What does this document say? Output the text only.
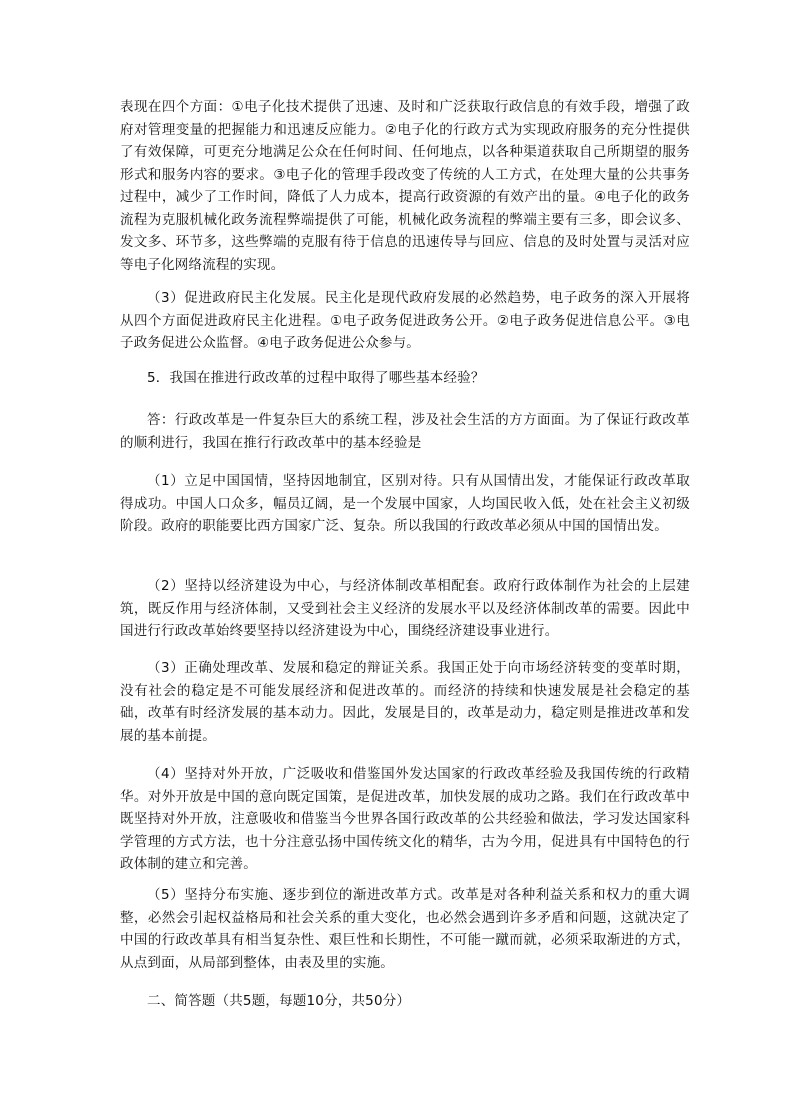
表现在四个方面：①电子化技术提供了迅速、及时和广泛获取行政信息的有效手段，增强了政府对管理变量的把握能力和迅速反应能力。②电子化的行政方式为实现政府服务的充分性提供了有效保障，可更充分地满足公众在任何时间、任何地点，以各种渠道获取自己所期望的服务形式和服务内容的要求。③电子化的管理手段改变了传统的人工方式，在处理大量的公共事务过程中，减少了工作时间，降低了人力成本，提高行政资源的有效产出的量。④电子化的政务流程为克服机械化政务流程弊端提供了可能，机械化政务流程的弊端主要有三多，即会议多、发文多、环节多，这些弊端的克服有待于信息的迅速传导与回应、信息的及时处置与灵活对应等电子化网络流程的实现。

（3）促进政府民主化发展。民主化是现代政府发展的必然趋势，电子政务的深入开展将从四个方面促进政府民主化进程。①电子政务促进政务公开。②电子政务促进信息公平。③电子政务促进公众监督。④电子政务促进公众参与。

5．我国在推进行政改革的过程中取得了哪些基本经验？

答：行政改革是一件复杂巨大的系统工程，涉及社会生活的方方面面。为了保证行政改革的顺利进行，我国在推行行政改革中的基本经验是

（1）立足中国国情，坚持因地制宜，区别对待。只有从国情出发，才能保证行政改革取得成功。中国人口众多，幅员辽阔，是一个发展中国家，人均国民收入低，处在社会主义初级阶段。政府的职能要比西方国家广泛、复杂。所以我国的行政改革必须从中国的国情出发。

（2）坚持以经济建设为中心，与经济体制改革相配套。政府行政体制作为社会的上层建筑，既反作用与经济体制，又受到社会主义经济的发展水平以及经济体制改革的需要。因此中国进行行政改革始终要坚持以经济建设为中心，围绕经济建设事业进行。

（3）正确处理改革、发展和稳定的辩证关系。我国正处于向市场经济转变的变革时期，没有社会的稳定是不可能发展经济和促进改革的。而经济的持续和快速发展是社会稳定的基础，改革有时经济发展的基本动力。因此，发展是目的，改革是动力，稳定则是推进改革和发展的基本前提。

（4）坚持对外开放，广泛吸收和借鉴国外发达国家的行政改革经验及我国传统的行政精华。对外开放是中国的意向既定国策，是促进改革，加快发展的成功之路。我们在行政改革中既坚持对外开放，注意吸收和借鉴当今世界各国行政改革的公共经验和做法，学习发达国家科学管理的方式方法，也十分注意弘扬中国传统文化的精华，古为今用，促进具有中国特色的行政体制的建立和完善。

（5）坚持分布实施、逐步到位的渐进改革方式。改革是对各种利益关系和权力的重大调整，必然会引起权益格局和社会关系的重大变化，也必然会遇到许多矛盾和问题，这就决定了中国的行政改革具有相当复杂性、艰巨性和长期性，不可能一蹴而就，必须采取渐进的方式，从点到面，从局部到整体，由表及里的实施。

二、简答题（共5题，每题10分，共50分）
